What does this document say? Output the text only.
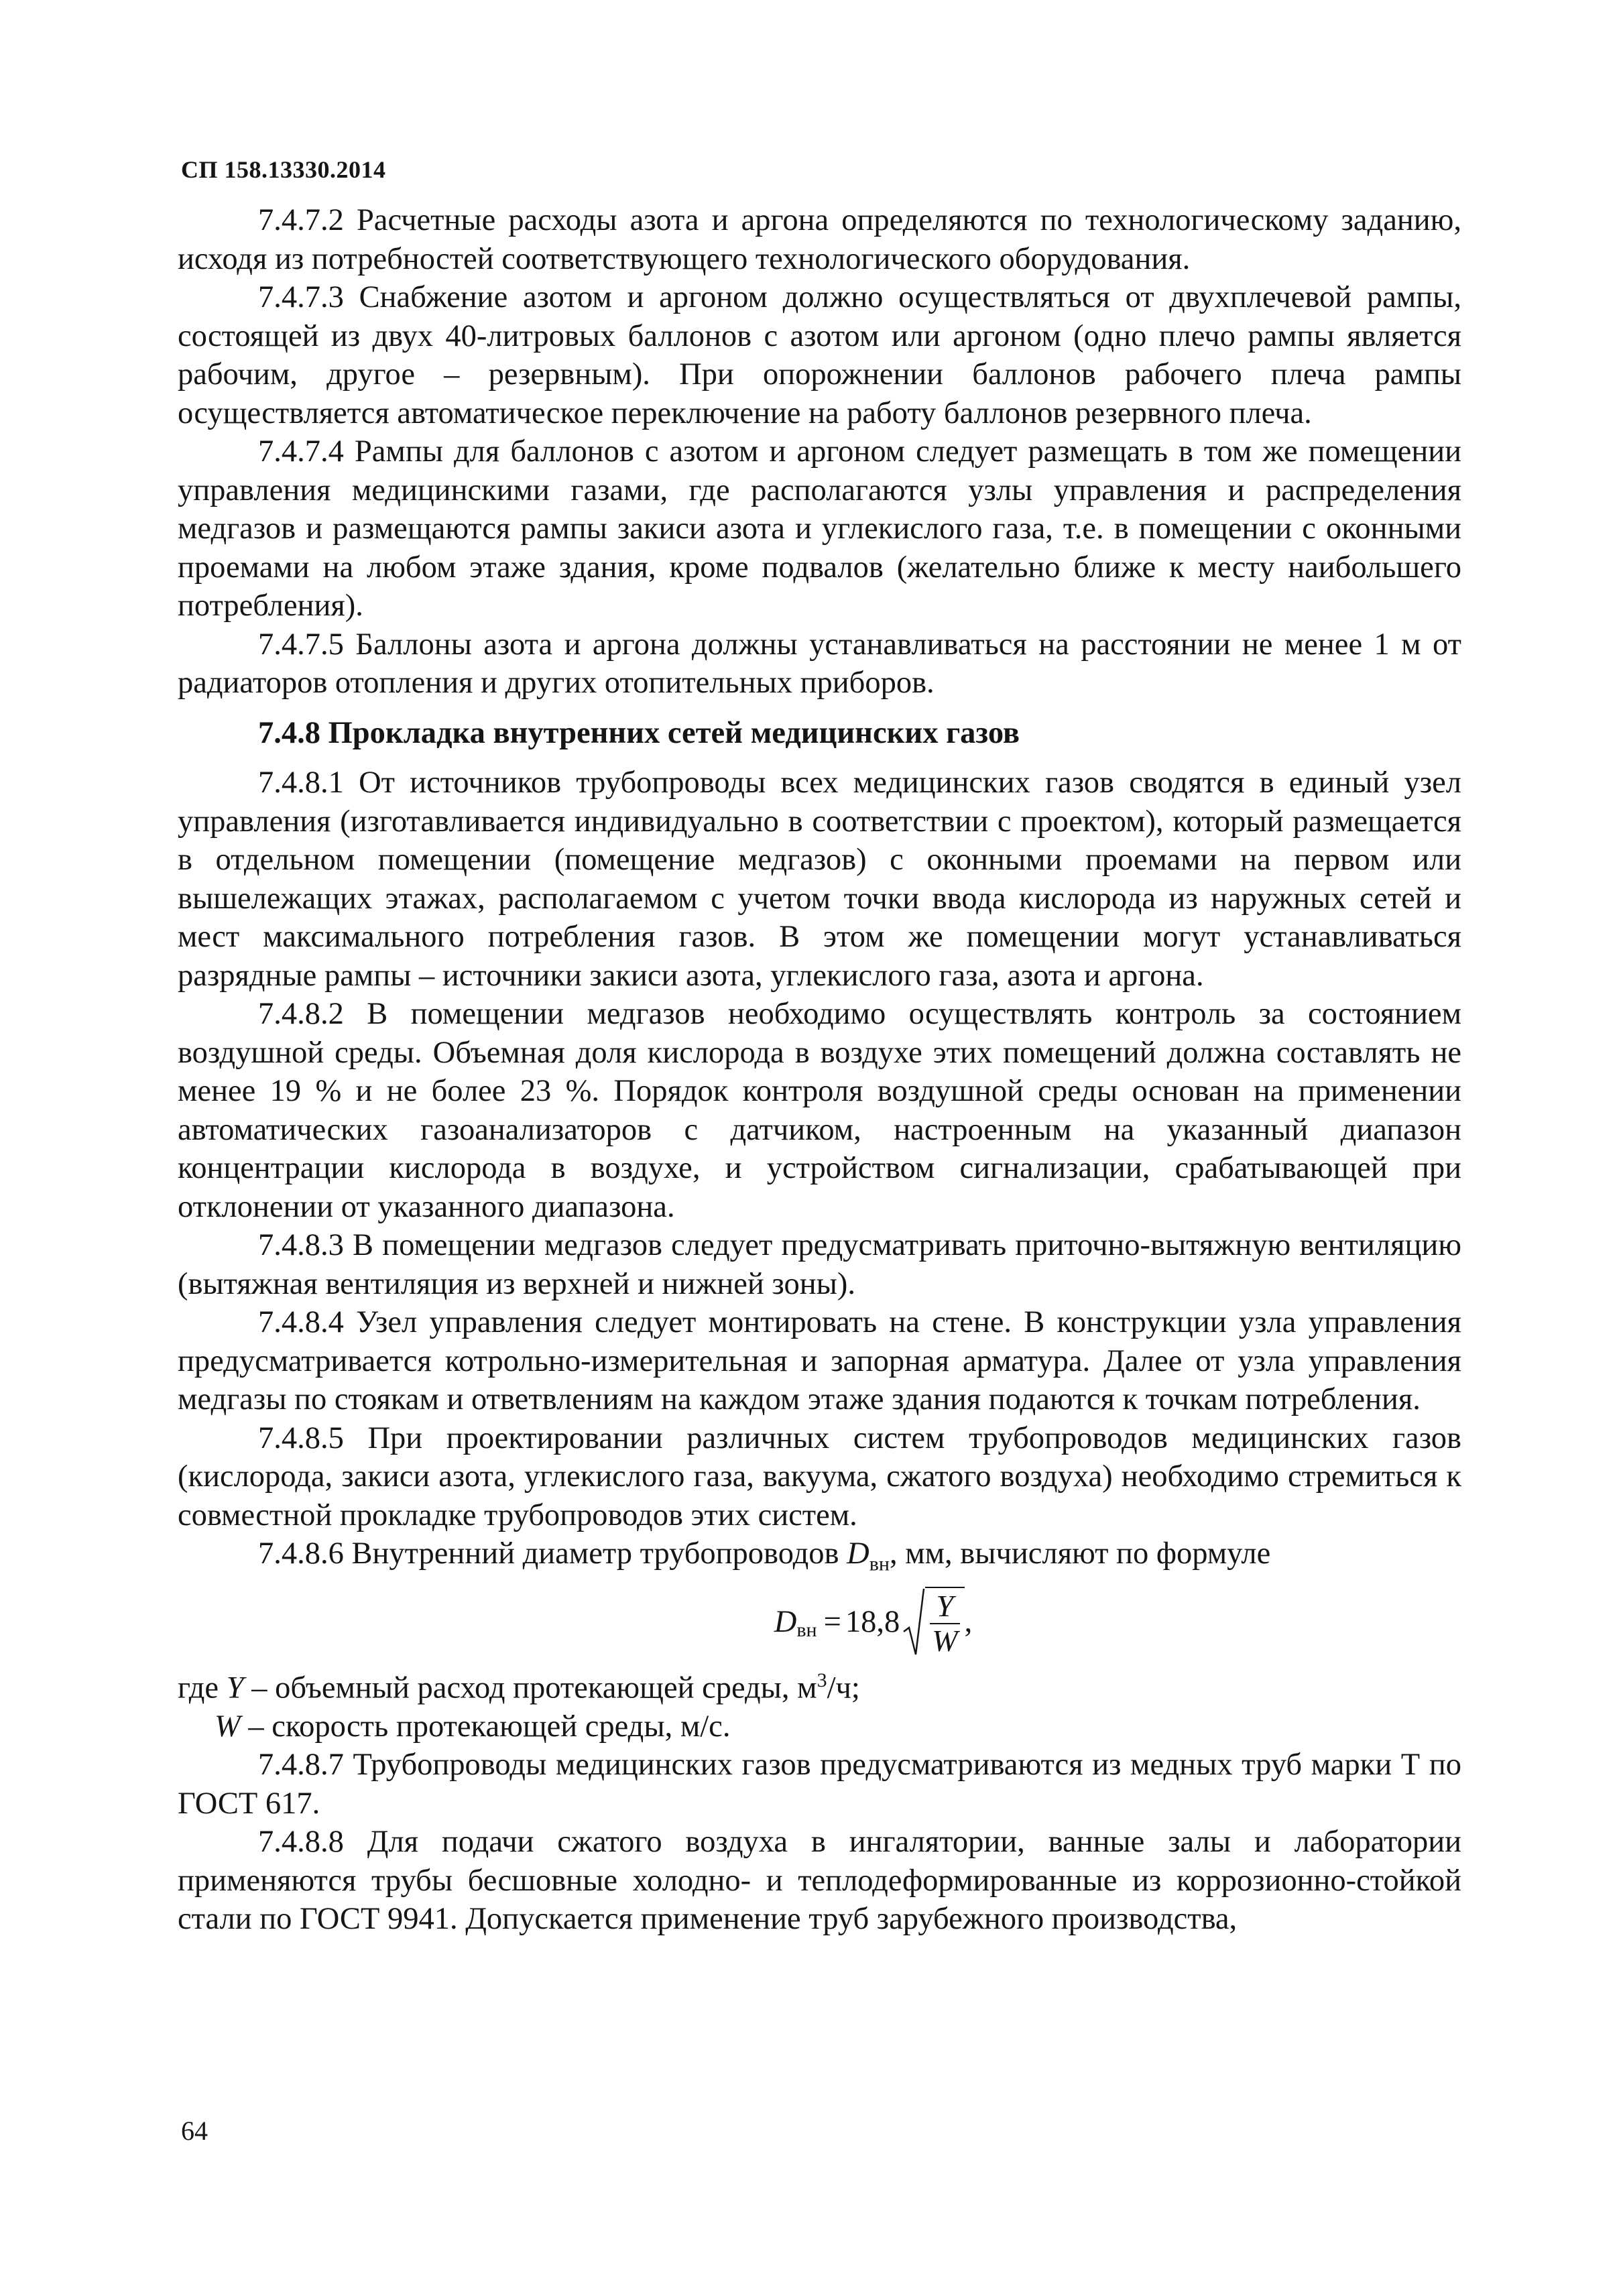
СП 158.13330.2014

7.4.7.2 Расчетные расходы азота и аргона определяются по технологическому заданию, исходя из потребностей соответствующего технологического оборудования.

7.4.7.3 Снабжение азотом и аргоном должно осуществляться от двухплечевой рампы, состоящей из двух 40-литровых баллонов с азотом или аргоном (одно плечо рампы является рабочим, другое – резервным). При опорожнении баллонов рабочего плеча рампы осуществляется автоматическое переключение на работу баллонов резервного плеча.

7.4.7.4 Рампы для баллонов с азотом и аргоном следует размещать в том же помещении управления медицинскими газами, где располагаются узлы управления и распределения медгазов и размещаются рампы закиси азота и углекислого газа, т.е. в помещении с оконными проемами на любом этаже здания, кроме подвалов (желательно ближе к месту наибольшего потребления).

7.4.7.5 Баллоны азота и аргона должны устанавливаться на расстоянии не менее 1 м от радиаторов отопления и других отопительных приборов.

7.4.8 Прокладка внутренних сетей медицинских газов

7.4.8.1 От источников трубопроводы всех медицинских газов сводятся в единый узел управления (изготавливается индивидуально в соответствии с проектом), который размещается в отдельном помещении (помещение медгазов) с оконными проемами на первом или вышележащих этажах, располагаемом с учетом точки ввода кислорода из наружных сетей и мест максимального потребления газов. В этом же помещении могут устанавливаться разрядные рампы – источники закиси азота, углекислого газа, азота и аргона.

7.4.8.2 В помещении медгазов необходимо осуществлять контроль за состоянием воздушной среды. Объемная доля кислорода в воздухе этих помещений должна составлять не менее 19 % и не более 23 %. Порядок контроля воздушной среды основан на применении автоматических газоанализаторов с датчиком, настроенным на указанный диапазон концентрации кислорода в воздухе, и устройством сигнализации, срабатывающей при отклонении от указанного диапазона.

7.4.8.3 В помещении медгазов следует предусматривать приточно-вытяжную вентиляцию (вытяжная вентиляция из верхней и нижней зоны).

7.4.8.4 Узел управления следует монтировать на стене. В конструкции узла управления предусматривается котрольно-измерительная и запорная арматура. Далее от узла управления медгазы по стоякам и ответвлениям на каждом этаже здания подаются к точкам потребления.

7.4.8.5 При проектировании различных систем трубопроводов медицинских газов (кислорода, закиси азота, углекислого газа, вакуума, сжатого воздуха) необходимо стремиться к совместной прокладке трубопроводов этих систем.

7.4.8.6 Внутренний диаметр трубопроводов $D_{вн}$, мм, вычисляют по формуле

D вн = $18,8 \frac{Y}{W}$ ,

где Y – объемный расход протекающей среды, $м^3/ч$;

W – скорость протекающей среды, м/с.

7.4.8.7 Трубопроводы медицинских газов предусматриваются из медных труб марки Т по ГОСТ 617.

7.4.8.8 Для подачи сжатого воздуха в ингалятории, ванные залы и лаборатории применяются трубы бесшовные холодно- и теплодеформированные из коррозионно-стойкой стали по ГОСТ 9941. Допускается применение труб зарубежного производства,

64
